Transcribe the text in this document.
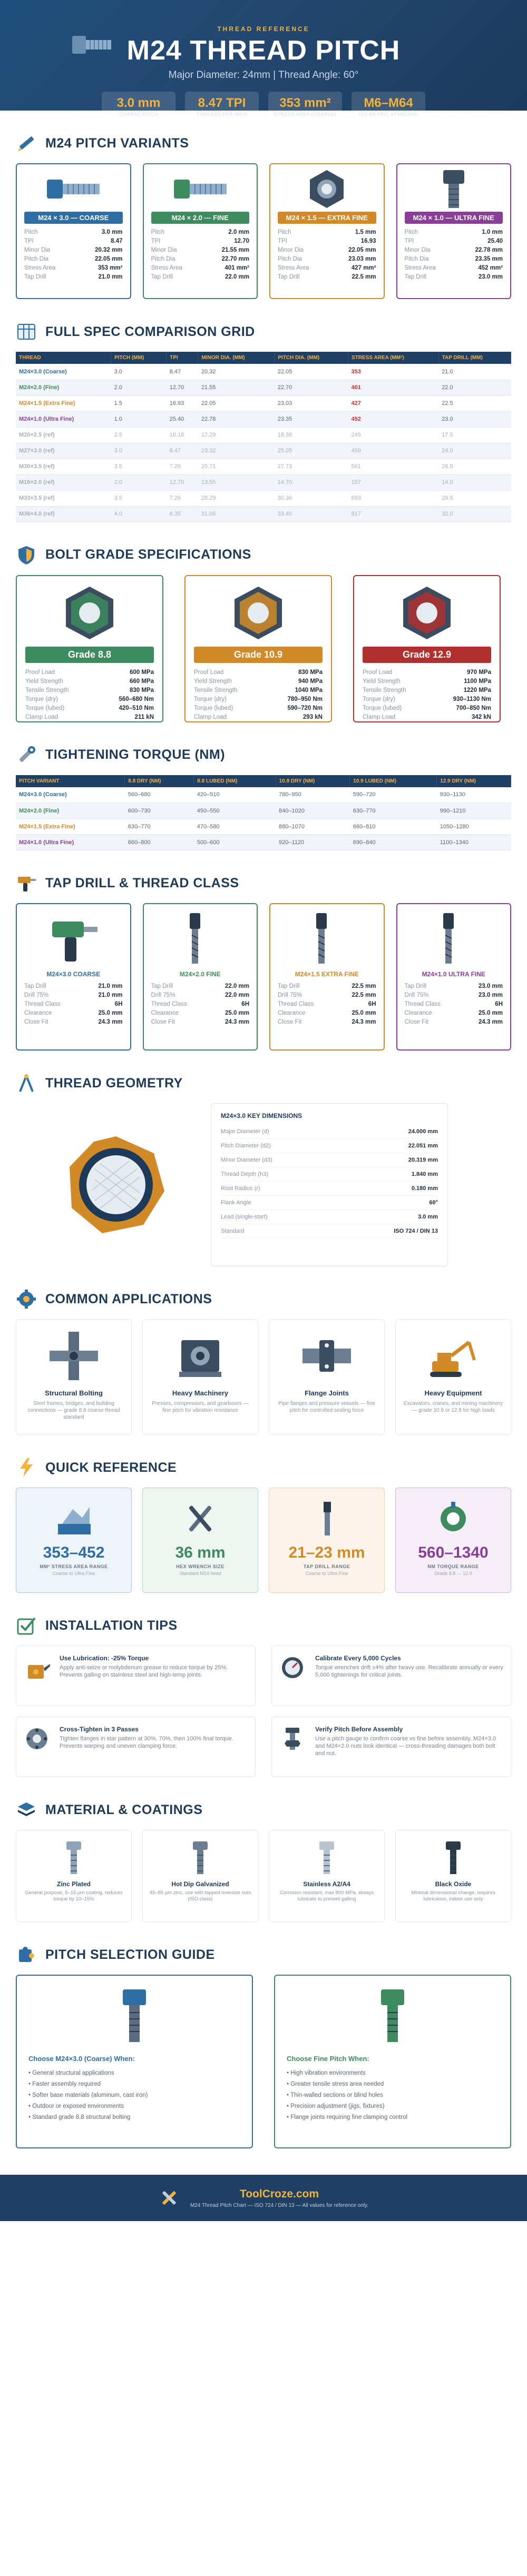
THREAD REFERENCE
M24 THREAD PITCH
Major Diameter: 24mm | Thread Angle: 60°
3.0 mm
COARSE PITCH
8.47 TPI
THREADS PER INCH
353 mm²
STRESS AREA (COARSE)
M6–M64
ISO METRIC STANDARD
M24 PITCH VARIANTS
M24 × 3.0 — COARSE
Pitch	3.0 mm
TPI	8.47
Minor Dia	20.32 mm
Pitch Dia	22.05 mm
Stress Area	353 mm²
Tap Drill	21.0 mm
M24 × 2.0 — FINE
Pitch	2.0 mm
TPI	12.70
Minor Dia	21.55 mm
Pitch Dia	22.70 mm
Stress Area	401 mm²
Tap Drill	22.0 mm
M24 × 1.5 — EXTRA FINE
Pitch	1.5 mm
TPI	16.93
Minor Dia	22.05 mm
Pitch Dia	23.03 mm
Stress Area	427 mm²
Tap Drill	22.5 mm
M24 × 1.0 — ULTRA FINE
Pitch	1.0 mm
TPI	25.40
Minor Dia	22.78 mm
Pitch Dia	23.35 mm
Stress Area	452 mm²
Tap Drill	23.0 mm
FULL SPEC COMPARISON GRID
THREAD	PITCH (MM)	TPI	MINOR DIA. (MM)	PITCH DIA. (MM)	STRESS AREA (MM²)	TAP DRILL (MM)
M24×3.0 (Coarse)	3.0	8.47	20.32	22.05	353	21.0
M24×2.0 (Fine)	2.0	12.70	21.55	22.70	401	22.0
M24×1.5 (Extra Fine)	1.5	16.93	22.05	23.03	427	22.5
M24×1.0 (Ultra Fine)	1.0	25.40	22.78	23.35	452	23.0
M20×2.5 (ref)	2.5	10.16	17.29	18.38	245	17.5
M27×3.0 (ref)	3.0	8.47	23.32	25.05	459	24.0
M30×3.5 (ref)	3.5	7.26	25.71	27.73	561	26.5
M16×2.0 (ref)	2.0	12.70	13.55	14.70	157	14.0
M33×3.5 (ref)	3.5	7.26	28.29	30.36	693	29.5
M36×4.0 (ref)	4.0	6.35	31.06	33.40	817	32.0
BOLT GRADE SPECIFICATIONS
Grade 8.8
Proof Load	600 MPa
Yield Strength	660 MPa
Tensile Strength	830 MPa
Torque (dry)	560–680 Nm
Torque (lubed)	420–510 Nm
Clamp Load	211 kN
Grade 10.9
Proof Load	830 MPa
Yield Strength	940 MPa
Tensile Strength	1040 MPa
Torque (dry)	780–950 Nm
Torque (lubed)	590–720 Nm
Clamp Load	293 kN
Grade 12.9
Proof Load	970 MPa
Yield Strength	1100 MPa
Tensile Strength	1220 MPa
Torque (dry)	930–1130 Nm
Torque (lubed)	700–850 Nm
Clamp Load	342 kN
TIGHTENING TORQUE (NM)
PITCH VARIANT	8.8 DRY (NM)	8.8 LUBED (NM)	10.9 DRY (NM)	10.9 LUBED (NM)	12.9 DRY (NM)
M24×3.0 (Coarse)	560–680	420–510	780–950	590–720	930–1130
M24×2.0 (Fine)	600–730	450–550	840–1020	630–770	990–1210
M24×1.5 (Extra Fine)	630–770	470–580	880–1070	660–810	1050–1280
M24×1.0 (Ultra Fine)	660–800	500–600	920–1120	690–840	1100–1340
TAP DRILL & THREAD CLASS
M24×3.0 COARSE
Tap Drill	21.0 mm
Drill 75%	21.0 mm
Thread Class	6H
Clearance	25.0 mm
Close Fit	24.3 mm
M24×2.0 FINE
Tap Drill	22.0 mm
Drill 75%	22.0 mm
Thread Class	6H
Clearance	25.0 mm
Close Fit	24.3 mm
M24×1.5 EXTRA FINE
Tap Drill	22.5 mm
Drill 75%	22.5 mm
Thread Class	6H
Clearance	25.0 mm
Close Fit	24.3 mm
M24×1.0 ULTRA FINE
Tap Drill	23.0 mm
Drill 75%	23.0 mm
Thread Class	6H
Clearance	25.0 mm
Close Fit	24.3 mm
THREAD GEOMETRY
M24×3.0 KEY DIMENSIONS
Major Diameter (d)	24.000 mm
Pitch Diameter (d2)	22.051 mm
Minor Diameter (d3)	20.319 mm
Thread Depth (h3)	1.840 mm
Root Radius (r)	0.180 mm
Flank Angle	60°
Lead (single-start)	3.0 mm
Standard	ISO 724 / DIN 13
COMMON APPLICATIONS
Structural Bolting
Steel frames, bridges, and building connections — grade 8.8 coarse thread standard
Heavy Machinery
Presses, compressors, and gearboxes — fine pitch for vibration resistance
Flange Joints
Pipe flanges and pressure vessels — fine pitch for controlled sealing force
Heavy Equipment
Excavators, cranes, and mining machinery — grade 10.9 or 12.9 for high loads
QUICK REFERENCE
353–452
MM² STRESS AREA RANGE
Coarse to Ultra Fine
36 mm
HEX WRENCH SIZE
Standard M24 head
21–23 mm
TAP DRILL RANGE
Coarse to Ultra Fine
560–1340
NM TORQUE RANGE
Grade 8.8 → 12.9
INSTALLATION TIPS
Use Lubrication: -25% Torque
Apply anti-seize or molybdenum grease to reduce torque by 25%. Prevents galling on stainless steel and high-temp joints.
Calibrate Every 5,000 Cycles
Torque wrenches drift ±4% after heavy use. Recalibrate annually or every 5,000 tightenings for critical joints.
Cross-Tighten in 3 Passes
Tighten flanges in star pattern at 30%, 70%, then 100% final torque. Prevents warping and uneven clamping force.
Verify Pitch Before Assembly
Use a pitch gauge to confirm coarse vs fine before assembly. M24×3.0 and M24×2.0 nuts look identical — cross-threading damages both bolt and nut.
MATERIAL & COATINGS
Zinc Plated
General purpose, 5–15 μm coating, reduces torque by 10–15%
Hot Dip Galvanized
45–85 μm zinc, use with tapped oversize nuts (ISO class)
Stainless A2/A4
Corrosion resistant, max 800 MPa, always lubricate to prevent galling
Black Oxide
Minimal dimensional change, requires lubrication, indoor use only
PITCH SELECTION GUIDE
Choose M24×3.0 (Coarse) When:
• General structural applications
• Faster assembly required
• Softer base materials (aluminum, cast iron)
• Outdoor or exposed environments
• Standard grade 8.8 structural bolting
Choose Fine Pitch When:
• High vibration environments
• Greater tensile stress area needed
• Thin-walled sections or blind holes
• Precision adjustment (jigs, fixtures)
• Flange joints requiring fine clamping control
ToolCroze.com
M24 Thread Pitch Chart — ISO 724 / DIN 13 — All values for reference only.
